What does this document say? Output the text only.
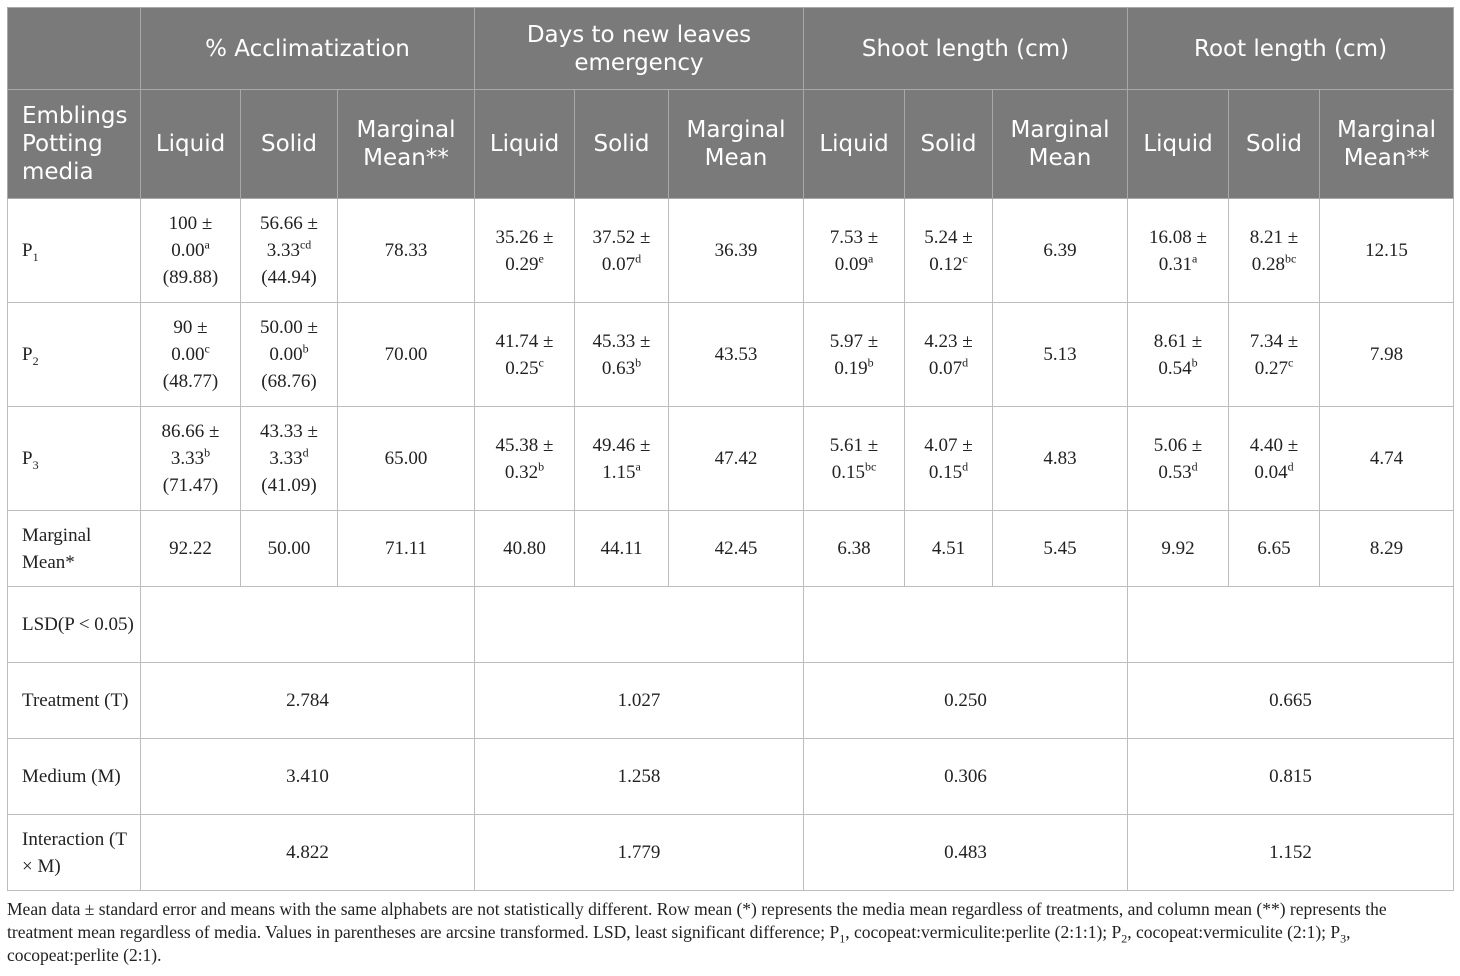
	% Acclimatization			Days to new leaves emergency			Shoot length (cm)			Root length (cm)		
Emblings Potting media	Liquid	Solid	Marginal Mean**	Liquid	Solid	Marginal Mean	Liquid	Solid	Marginal Mean	Liquid	Solid	Marginal Mean**
$P_1$	100 ±
0.00$^a$
(89.88)	56.66 ±
3.33$^{cd}$
(44.94)	78.33	35.26 ±
0.29$^e$	37.52 ±
0.07$^d$	36.39	7.53 ±
0.09$^a$	5.24 ±
0.12$^c$	6.39	16.08 ±
0.31$^a$	8.21 ±
0.28$^{bc}$	12.15
$P_2$	90 ±
0.00$^c$
(48.77)	50.00 ±
0.00$^b$
(68.76)	70.00	41.74 ±
0.25$^c$	45.33 ±
0.63$^b$	43.53	5.97 ±
0.19$^b$	4.23 ±
0.07$^d$	5.13	8.61 ±
0.54$^b$	7.34 ±
0.27$^c$	7.98
$P_3$	86.66 ±
3.33$^b$
(71.47)	43.33 ±
3.33$^d$
(41.09)	65.00	45.38 ±
0.32$^b$	49.46 ±
1.15$^a$	47.42	5.61 ±
0.15$^{bc}$	4.07 ±
0.15$^d$	4.83	5.06 ±
0.53$^d$	4.40 ±
0.04$^d$	4.74
Marginal Mean*	92.22	50.00	71.11	40.80	44.11	42.45	6.38	4.51	5.45	9.92	6.65	8.29
LSD(P < 0.05)												
Treatment (T)	2.784			1.027			0.250			0.665		
Medium (M)	3.410			1.258			0.306			0.815		
Interaction (T × M)	4.822			1.779			0.483			1.152		

Mean data ± standard error and means with the same alphabets are not statistically different. Row mean (*) represents the media mean regardless of treatments, and column mean (**) represents the treatment mean regardless of media. Values in parentheses are arcsine transformed. LSD, least significant difference; $P_1$, cocopeat:vermiculite:perlite (2:1:1); $P_2$, cocopeat:vermiculite (2:1); $P_3$, cocopeat:perlite (2:1).
